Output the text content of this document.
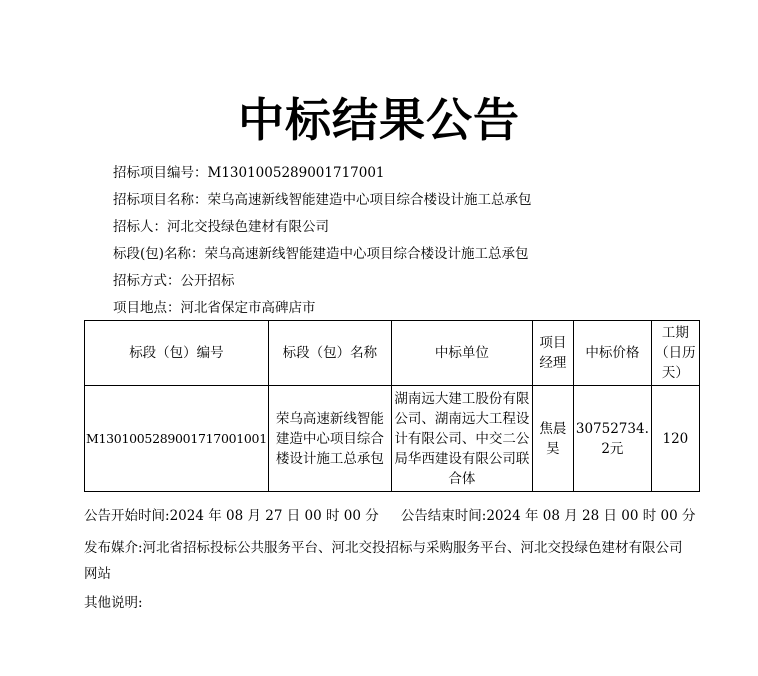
中标结果公告
招标项目编号：M1301005289001717001
招标项目名称：荣乌高速新线智能建造中心项目综合楼设计施工总承包
招标人：河北交投绿色建材有限公司
标段(包)名称：荣乌高速新线智能建造中心项目综合楼设计施工总承包
招标方式：公开招标
项目地点：河北省保定市高碑店市
标段（包）编号	标段（包）名称	中标单位	项目经理	中标价格	工期（日历天）
M1301005289001717001001	荣乌高速新线智能建造中心项目综合楼设计施工总承包	湖南远大建工股份有限公司、湖南远大工程设计有限公司、中交二公局华西建设有限公司联合体	焦晨昊	30752734.2元	120
公告开始时间:2024 年 08 月 27 日 00 时 00 分 公告结束时间:2024 年 08 月 28 日 00 时 00 分
发布媒介:河北省招标投标公共服务平台、河北交投招标与采购服务平台、河北交投绿色建材有限公司网站
其他说明:
